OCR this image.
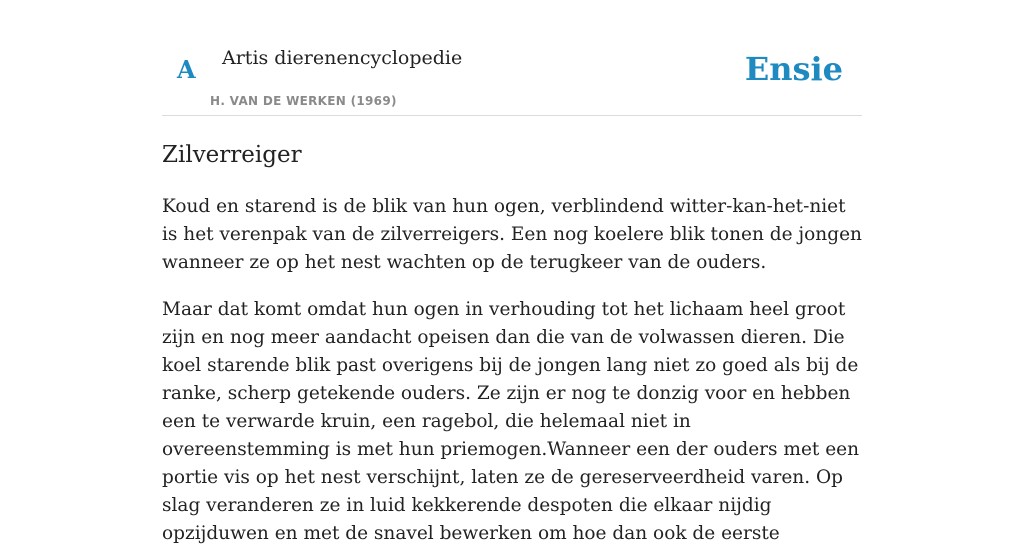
A Artis dierenencyclopedie
H. VAN DE WERKEN (1969)
Ensie
Zilverreiger

Koud en starend is de blik van hun ogen, verblindend witter-kan-het-niet is het verenpak van de zilverreigers. Een nog koelere blik tonen de jongen wanneer ze op het nest wachten op de terugkeer van de ouders.

Maar dat komt omdat hun ogen in verhouding tot het lichaam heel groot zijn en nog meer aandacht opeisen dan die van de volwassen dieren. Die koel starende blik past overigens bij de jongen lang niet zo goed als bij de ranke, scherp getekende ouders. Ze zijn er nog te donzig voor en hebben een te verwarde kruin, een ragebol, die helemaal niet in overeenstemming is met hun priemogen.Wanneer een der ouders met een portie vis op het nest verschijnt, laten ze de gereserveerdheid varen. Op slag veranderen ze in luid kekkerende despoten die elkaar nijdig opzijduwen en met de snavel bewerken om hoe dan ook de eerste
